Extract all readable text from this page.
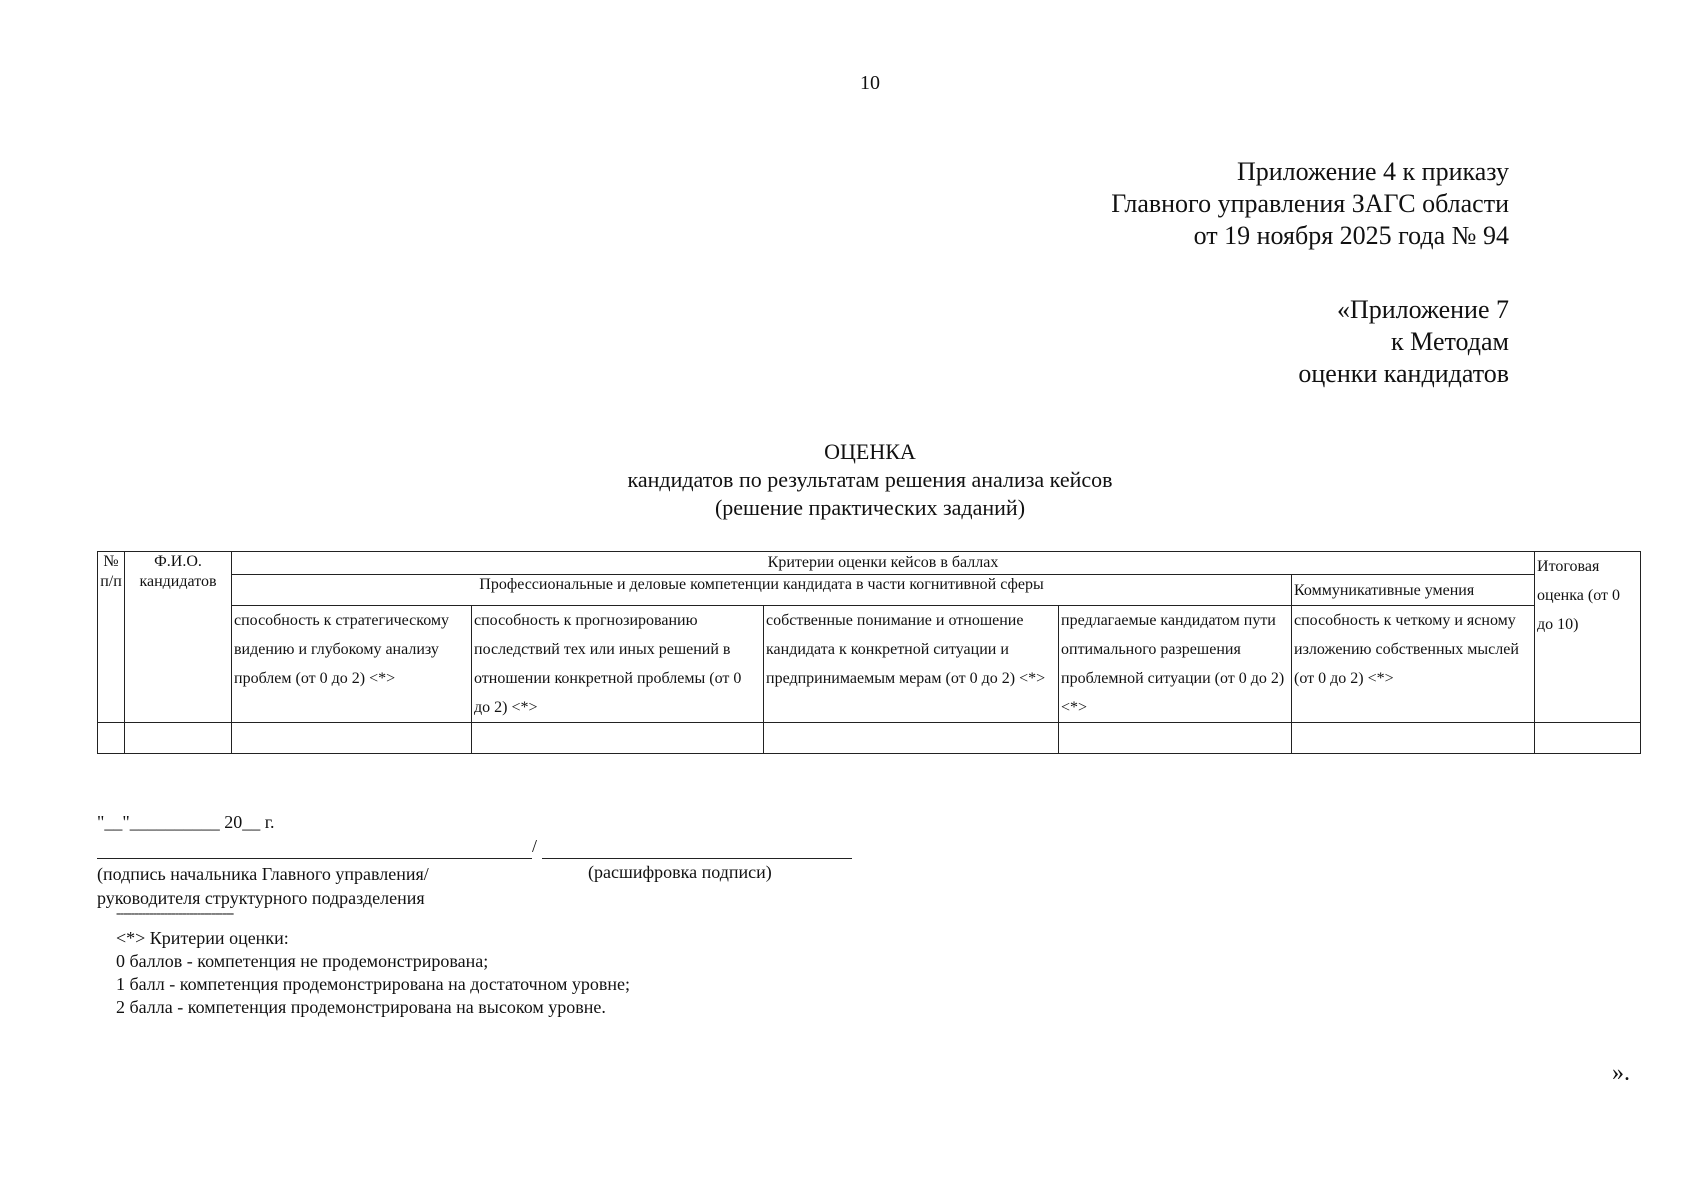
10
Приложение 4 к приказу
Главного управления ЗАГС области
от 19 ноября 2025 года № 94
«Приложение 7
к Методам
оценки кандидатов
ОЦЕНКА
кандидатов по результатам решения анализа кейсов
(решение практических заданий)
№ п/п	Ф.И.О. кандидатов	Критерии оценки кейсов в баллах					Итоговая оценка (от 0 до 10)
		Профессиональные и деловые компетенции кандидата в части когнитивной сферы				Коммуникативные умения	
		способность к стратегическому видению и глубокому анализу проблем (от 0 до 2) <*>	способность к прогнозированию последствий тех или иных решений в отношении конкретной проблемы (от 0 до 2) <*>	собственные понимание и отношение кандидата к конкретной ситуации и предпринимаемым мерам (от 0 до 2) <*>	предлагаемые кандидатом пути оптимального разрешения проблемной ситуации (от 0 до 2) <*>	способность к четкому и ясному изложению собственных мыслей (от 0 до 2) <*>	

"__"__________ 20__ г.
/
(подпись начальника Главного управления/
руководителя структурного подразделения
(расшифровка подписи)
--------------------------------
<*> Критерии оценки:
0 баллов - компетенция не продемонстрирована;
1 балл - компетенция продемонстрирована на достаточном уровне;
2 балла - компетенция продемонстрирована на высоком уровне.
».
